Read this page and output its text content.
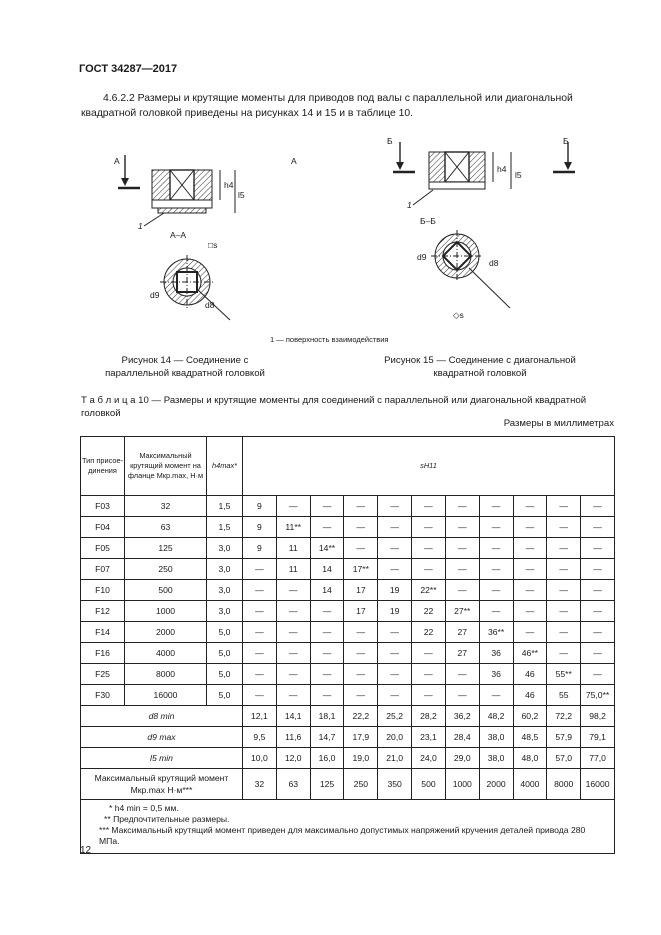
ГОСТ 34287—2017
4.6.2.2 Размеры и крутящие моменты для приводов под валы с параллельной или диагональной квадратной головкой приведены на рисунках 14 и 15 и в таблице 10.
А	А
h4
l5
1
А–А
□s
d9
d8
Б	Б
h4
l5
1
Б–Б
d9
d8
◇s
1 — поверхность взаимодействия
Рисунок 14 — Соединение с параллельной квадратной головкой
Рисунок 15 — Соединение с диагональной квадратной головкой
Т а б л и ц а 10 — Размеры и крутящие моменты для соединений с параллельной или диагональной квадратной головкой
Размеры в миллиметрах
Тип присое-динения	Максимальный крутящий момент на фланце Mкр.max, Н·м	h4max*	sH11										
F03	32	1,5	9	—	—	—	—	—	—	—	—	—	—
F04	63	1,5	9	11**	—	—	—	—	—	—	—	—	—
F05	125	3,0	9	11	14**	—	—	—	—	—	—	—	—
F07	250	3,0	—	11	14	17**	—	—	—	—	—	—	—
F10	500	3,0	—	—	14	17	19	22**	—	—	—	—	—
F12	1000	3,0	—	—	—	17	19	22	27**	—	—	—	—
F14	2000	5,0	—	—	—	—	—	22	27	36**	—	—	—
F16	4000	5,0	—	—	—	—	—	—	27	36	46**	—	—
F25	8000	5,0	—	—	—	—	—	—	—	36	46	55**	—
F30	16000	5,0	—	—	—	—	—	—	—	—	46	55	75,0**
d8 min			12,1	14,1	18,1	22,2	25,2	28,2	36,2	48,2	60,2	72,2	98,2
d9 max			9,5	11,6	14,7	17,9	20,0	23,1	28,4	38,0	48,5	57,9	79,1
l5 min			10,0	12,0	16,0	19,0	21,0	24,0	29,0	38,0	48,0	57,0	77,0
Максимальный крутящий момент Mкр.max Н·м***			32	63	125	250	350	500	1000	2000	4000	8000	16000

* h4 min = 0,5 мм.
** Предпочтительные размеры.
*** Максимальный крутящий момент приведен для максимально допустимых напряжений кручения деталей привода 280 МПа.													
12
